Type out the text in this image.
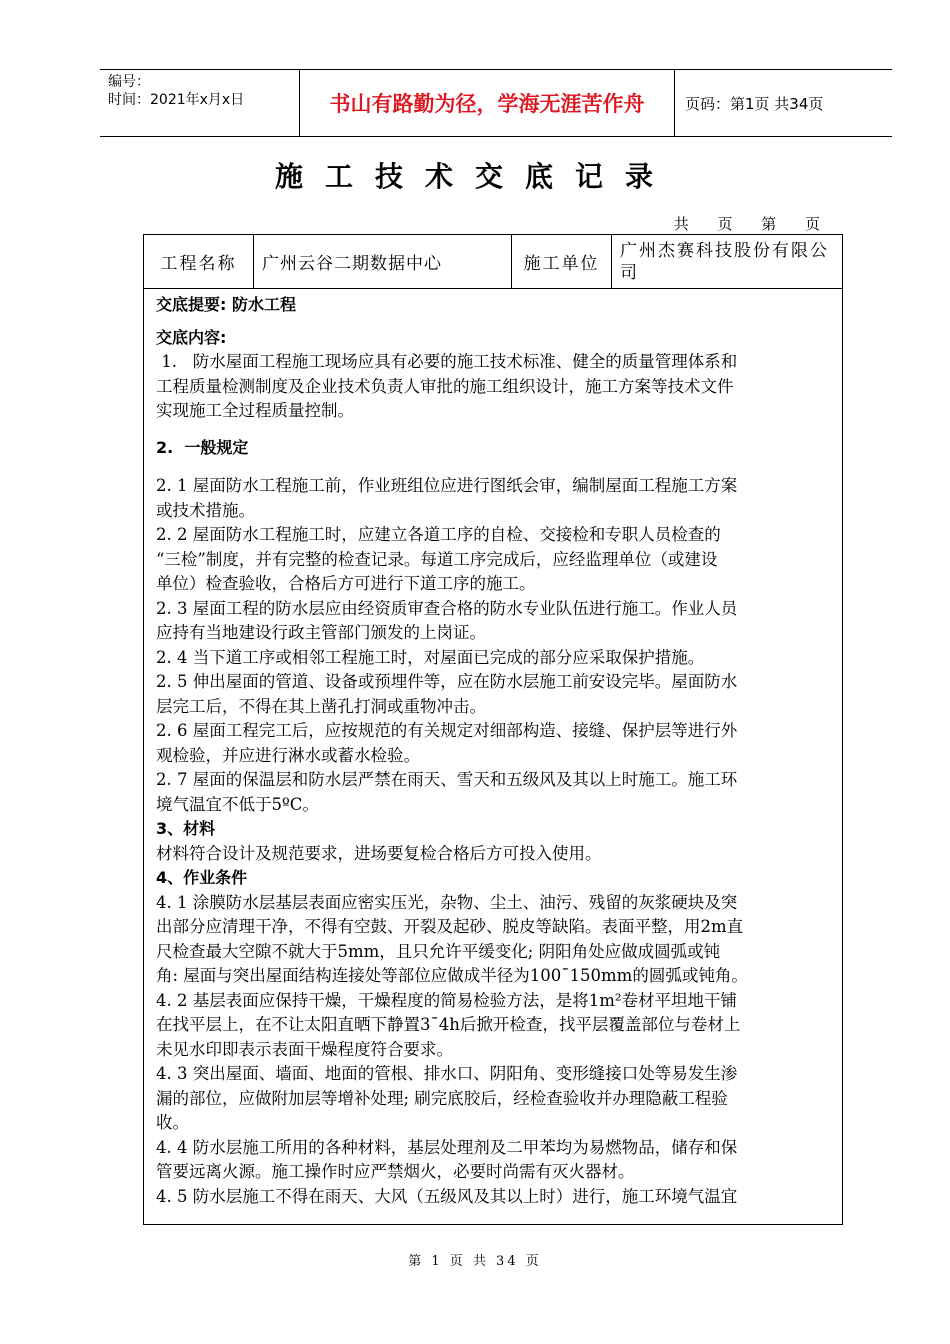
编号：
时间：2021年x月x日	书山有路勤为径，学海无涯苦作舟	页码：第1页 共34页
施工技术交底记录
共 页 第 页
工程名称	广州云谷二期数据中心	施工单位
广州杰赛科技股份有限公司
交底提要: 防水工程
交底内容:
1.   防水屋面工程施工现场应具有必要的施工技术标准、健全的质量管理体系和
工程质量检测制度及企业技术负责人审批的施工组织设计，施工方案等技术文件
实现施工全过程质量控制。
2.  一般规定
2. 1 屋面防水工程施工前，作业班组位应进行图纸会审，编制屋面工程施工方案
或技术措施。
2. 2 屋面防水工程施工时，应建立各道工序的自检、交接检和专职人员检查的
“三检”制度，并有完整的检查记录。每道工序完成后，应经监理单位（或建设
单位）检查验收，合格后方可进行下道工序的施工。
2. 3 屋面工程的防水层应由经资质审查合格的防水专业队伍进行施工。作业人员
应持有当地建设行政主管部门颁发的上岗证。
2. 4 当下道工序或相邻工程施工时，对屋面已完成的部分应采取保护措施。
2. 5 伸出屋面的管道、设备或预埋件等，应在防水层施工前安设完毕。屋面防水
层完工后，不得在其上凿孔打洞或重物冲击。
2. 6 屋面工程完工后，应按规范的有关规定对细部构造、接缝、保护层等进行外
观检验，并应进行淋水或蓄水检验。
2. 7 屋面的保温层和防水层严禁在雨天、雪天和五级风及其以上时施工。施工环
境气温宜不低于5ºC。
3、材料
材料符合设计及规范要求，进场要复检合格后方可投入使用。
4、作业条件
4. 1 涂膜防水层基层表面应密实压光，杂物、尘土、油污、残留的灰浆硬块及突
出部分应清理干净，不得有空鼓、开裂及起砂、脱皮等缺陷。表面平整，用2m直
尺检查最大空隙不就大于5mm，且只允许平缓变化; 阴阳角处应做成圆弧或钝
角: 屋面与突出屋面结构连接处等部位应做成半径为100ˉ150mm的圆弧或钝角。
4. 2 基层表面应保持干燥，干燥程度的简易检验方法，是将1m²卷材平坦地干铺
在找平层上，在不让太阳直晒下静置3ˉ4h后掀开检查，找平层覆盖部位与卷材上
未见水印即表示表面干燥程度符合要求。
4. 3 突出屋面、墙面、地面的管根、排水口、阴阳角、变形缝接口处等易发生渗
漏的部位，应做附加层等增补处理; 刷完底胶后，经检查验收并办理隐蔽工程验
收。
4. 4 防水层施工所用的各种材料，基层处理剂及二甲苯均为易燃物品，储存和保
管要远离火源。施工操作时应严禁烟火，必要时尚需有灭火器材。
4. 5 防水层施工不得在雨天、大风（五级风及其以上时）进行，施工环境气温宜
第 1 页 共 34 页
